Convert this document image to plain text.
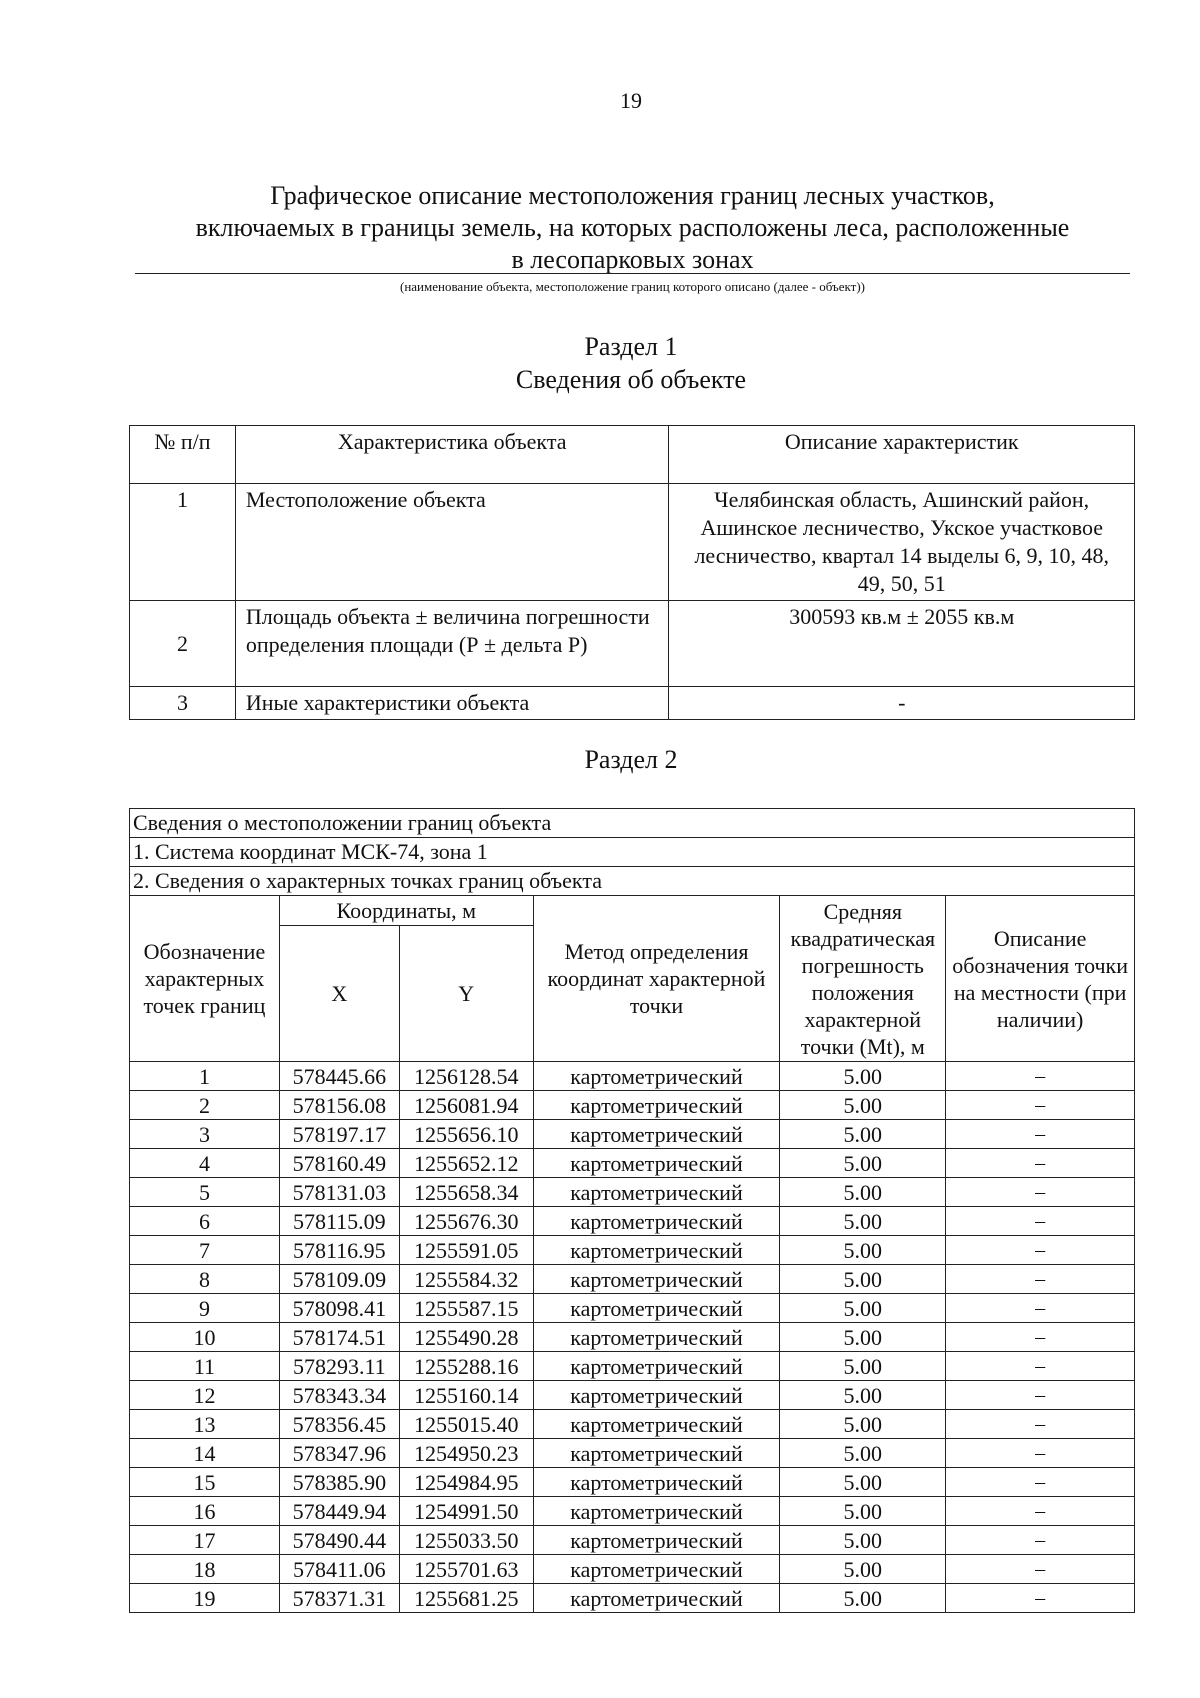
19
Графическое описание местоположения границ лесных участков,
включаемых в границы земель, на которых расположены леса, расположенные
в лесопарковых зонах
(наименование объекта, местоположение границ которого описано (далее - объект))
Раздел 1
Сведения об объекте
№ п/п	Характеристика объекта	Описание характеристик
1	Местоположение объекта	Челябинская область, Ашинский район, Ашинское лесничество, Укское участковое лесничество, квартал 14 выделы 6, 9, 10, 48, 49, 50, 51
2	Площадь объекта ± величина погрешности определения площади (Р ± дельта Р)	300593 кв.м ± 2055 кв.м
3	Иные характеристики объекта	-
Раздел 2
Сведения о местоположении границ объекта					
1. Система координат МСК-74, зона 1					
2. Сведения о характерных точках границ объекта					
Обозначение характерных точек границ	Координаты, м		Метод определения координат характерной точки	Средняя квадратическая погрешность положения характерной точки (Mt), м	Описание обозначения точки на местности (при наличии)
	X	Y			
1	578445.66	1256128.54	картометрический	5.00	–
2	578156.08	1256081.94	картометрический	5.00	–
3	578197.17	1255656.10	картометрический	5.00	–
4	578160.49	1255652.12	картометрический	5.00	–
5	578131.03	1255658.34	картометрический	5.00	–
6	578115.09	1255676.30	картометрический	5.00	–
7	578116.95	1255591.05	картометрический	5.00	–
8	578109.09	1255584.32	картометрический	5.00	–
9	578098.41	1255587.15	картометрический	5.00	–
10	578174.51	1255490.28	картометрический	5.00	–
11	578293.11	1255288.16	картометрический	5.00	–
12	578343.34	1255160.14	картометрический	5.00	–
13	578356.45	1255015.40	картометрический	5.00	–
14	578347.96	1254950.23	картометрический	5.00	–
15	578385.90	1254984.95	картометрический	5.00	–
16	578449.94	1254991.50	картометрический	5.00	–
17	578490.44	1255033.50	картометрический	5.00	–
18	578411.06	1255701.63	картометрический	5.00	–
19	578371.31	1255681.25	картометрический	5.00	–
